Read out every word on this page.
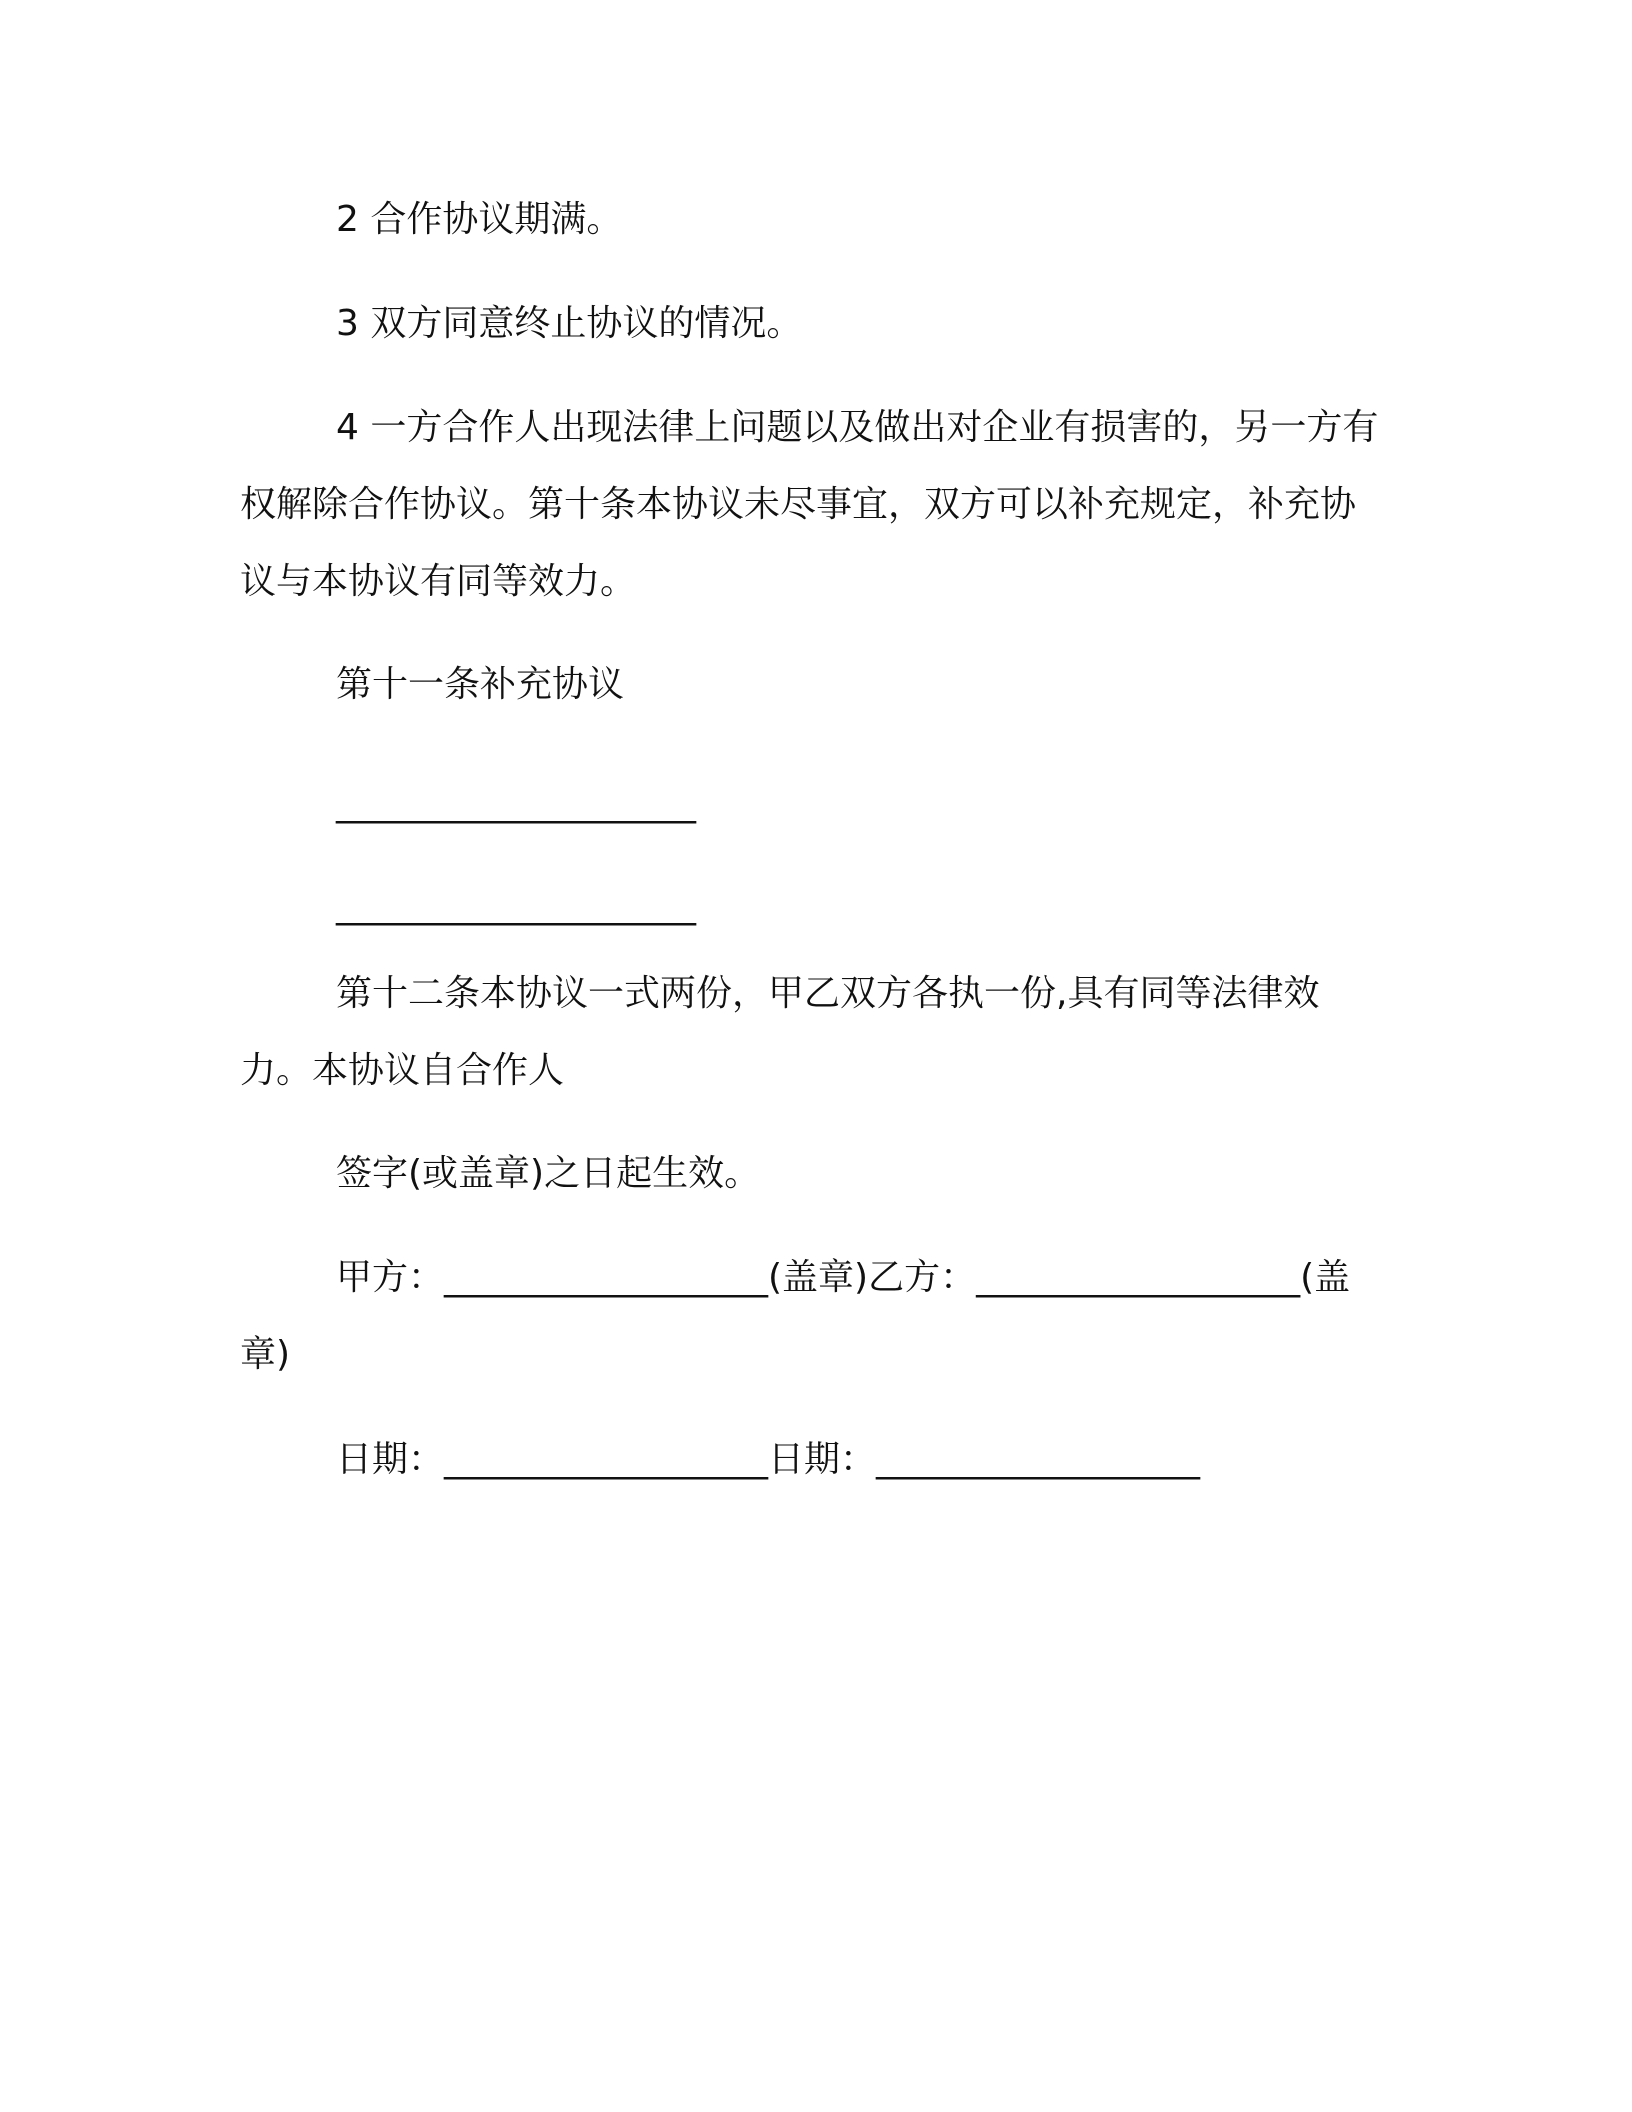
2 合作协议期满。

3 双方同意终止协议的情况。

4 一方合作人出现法律上问题以及做出对企业有损害的，另一方有权解除合作协议。第十条本协议未尽事宜，双方可以补充规定，补充协议与本协议有同等效力。

第十一条补充协议

____________________

____________________

第十二条本协议一式两份，甲乙双方各执一份,具有同等法律效力。本协议自合作人

签字(或盖章)之日起生效。

甲方：__________________(盖章)乙方：__________________(盖章)

日期：__________________日期：__________________
